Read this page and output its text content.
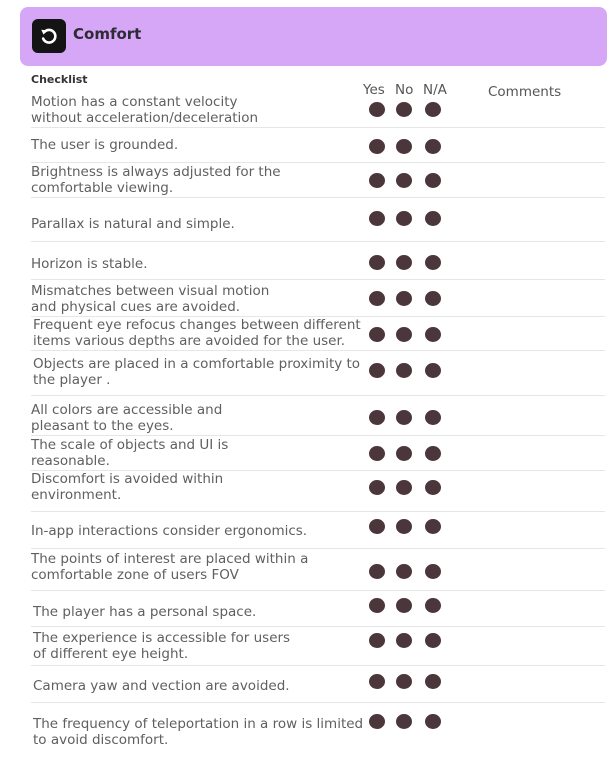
Comfort
Checklist
Yes No N/A	Comments
Motion has a constant velocity
without acceleration/deceleration
The user is grounded.
Brightness is always adjusted for the
comfortable viewing.
Parallax is natural and simple.
Horizon is stable.
Mismatches between visual motion
and physical cues are avoided.
Frequent eye refocus changes between different
items various depths are avoided for the user.
Objects are placed in a comfortable proximity to
the player .
All colors are accessible and
pleasant to the eyes.
The scale of objects and UI is
reasonable.
Discomfort is avoided within
environment.
In-app interactions consider ergonomics.
The points of interest are placed within a
comfortable zone of users FOV
The player has a personal space.
The experience is accessible for users
of different eye height.
Camera yaw and vection are avoided.
The frequency of teleportation in a row is limited
to avoid discomfort.
